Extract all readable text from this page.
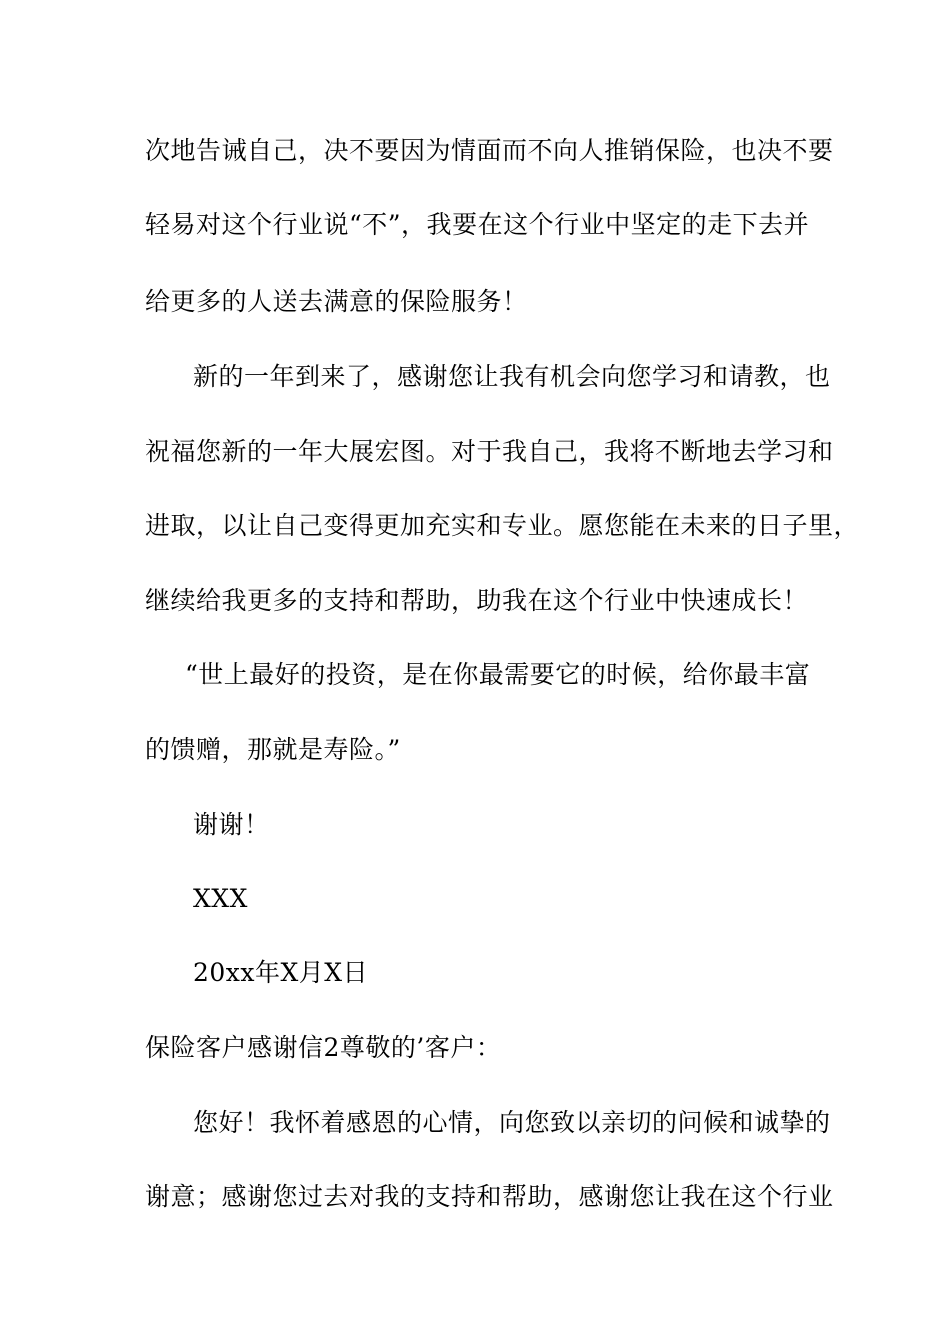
次地告诫自己，决不要因为情面而不向人推销保险，也决不要
轻易对这个行业说“不”，我要在这个行业中坚定的走下去并
给更多的人送去满意的保险服务！
新的一年到来了，感谢您让我有机会向您学习和请教，也
祝福您新的一年大展宏图。对于我自己，我将不断地去学习和
进取，以让自己变得更加充实和专业。愿您能在未来的日子里，
继续给我更多的支持和帮助，助我在这个行业中快速成长！
“世上最好的投资，是在你最需要它的时候，给你最丰富
的馈赠，那就是寿险。”
谢谢！
XXX
20xx年X月X日
保险客户感谢信2尊敬的’客户：
您好！我怀着感恩的心情，向您致以亲切的问候和诚挚的
谢意；感谢您过去对我的支持和帮助，感谢您让我在这个行业
